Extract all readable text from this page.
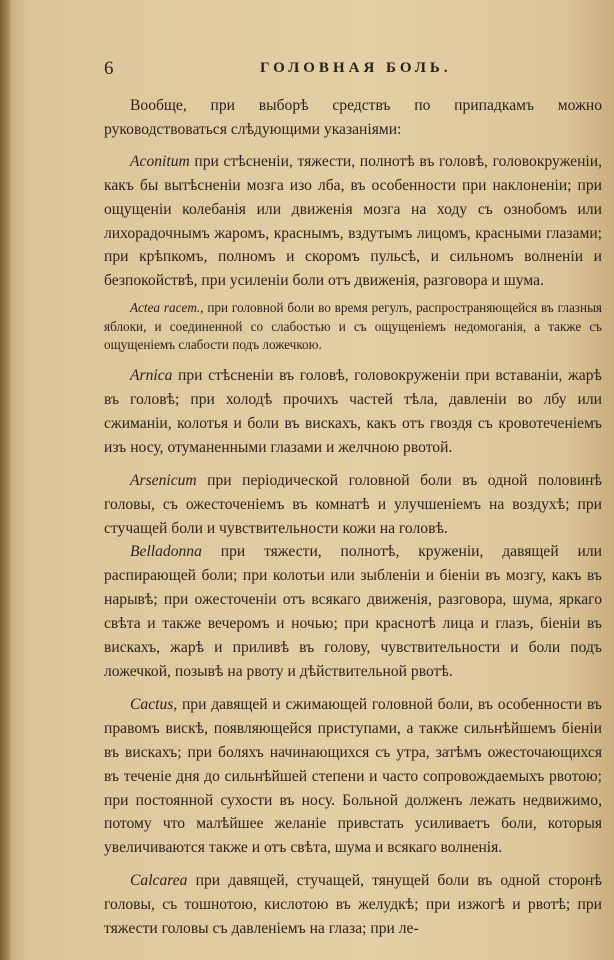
6	ГОЛОВНАЯ БОЛЬ.

Вообще, при выборѣ средствъ по припадкамъ можно руководствоваться слѣдующими указаніями:

Aconitum при стѣсненіи, тяжести, полнотѣ въ головѣ, головокруженіи, какъ бы вытѣсненіи мозга изо лба, въ особенности при наклоненіи; при ощущеніи колебанія или движенія мозга на ходу съ ознобомъ или лихорадочнымъ жаромъ, краснымъ, вздутымъ лицомъ, красными глазами; при крѣпкомъ, полномъ и скоромъ пульсѣ, и сильномъ волненіи и безпокойствѣ, при усиленіи боли отъ движенія, разговора и шума.

Actea racem., при головной боли во время регулъ, распространяющейся въ глазныя яблоки, и соединенной со слабостью и съ ощущеніемъ недомоганія, а также съ ощущеніемъ слабости подъ ложечкою.

Arnica при стѣсненіи въ головѣ, головокруженіи при вставаніи, жарѣ въ головѣ; при холодѣ прочихъ частей тѣла, давленіи во лбу или сжиманіи, колотья и боли въ вискахъ, какъ отъ гвоздя съ кровотеченіемъ изъ носу, отуманенными глазами и желчною рвотой.

Arsenicum при періодической головной боли въ одной половинѣ головы, съ ожесточеніемъ въ комнатѣ и улучшеніемъ на воздухѣ; при стучащей боли и чувствительности кожи на головѣ.

Belladonna при тяжести, полнотѣ, круженіи, давящей или распирающей боли; при колотьи или зыбленіи и біеніи въ мозгу, какъ въ нарывѣ; при ожесточеніи отъ всякаго движенія, разговора, шума, яркаго свѣта и также вечеромъ и ночью; при краснотѣ лица и глазъ, біеніи въ вискахъ, жарѣ и приливѣ въ голову, чувствительности и боли подъ ложечкой, позывѣ на рвоту и дѣйствительной рвотѣ.

Cactus, при давящей и сжимающей головной боли, въ особенности въ правомъ вискѣ, появляющейся приступами, а также сильнѣйшемъ біеніи въ вискахъ; при боляхъ начинающихся съ утра, затѣмъ ожесточающихся въ теченіе дня до сильнѣйшей степени и часто сопровождаемыхъ рвотою; при постоянной сухости въ носу. Больной долженъ лежать недвижимо, потому что малѣйшее желаніе привстать усиливаетъ боли, которыя увеличиваются также и отъ свѣта, шума и всякаго волненія.

Calcarea при давящей, стучащей, тянущей боли въ одной сторонѣ головы, съ тошнотою, кислотою въ желудкѣ; при изжогѣ и рвотѣ; при тяжести головы съ давленіемъ на глаза; при ле-
